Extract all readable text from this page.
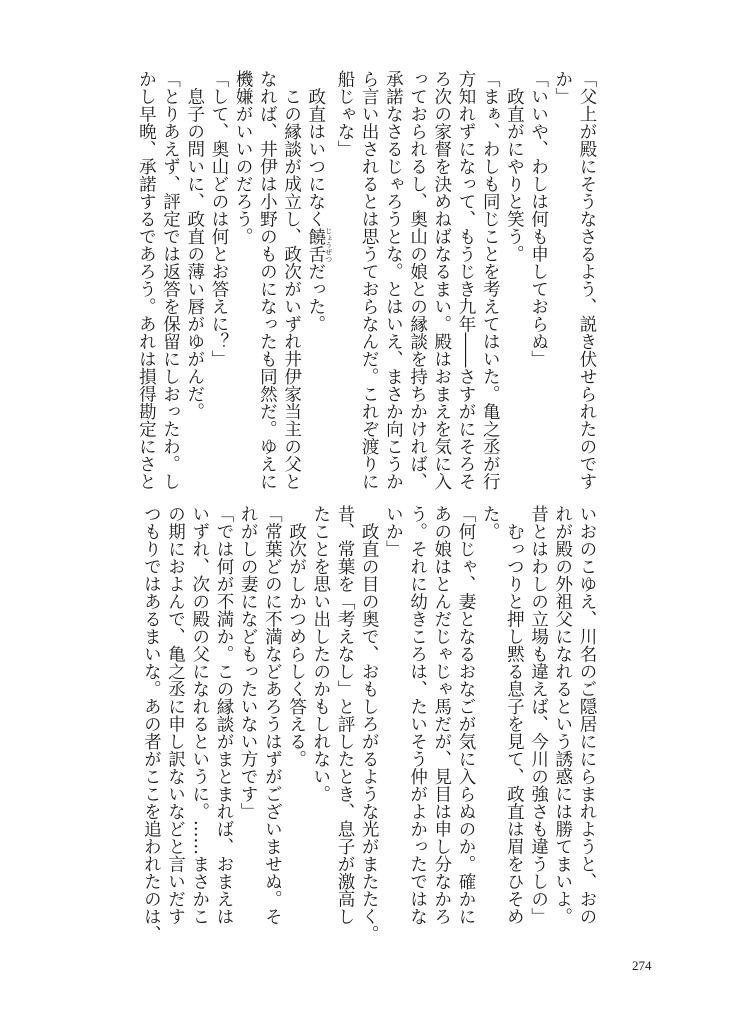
「父上が殿にそうなさるよう、説き伏せられたのです
か」
「いいや、わしは何も申しておらぬ」
　政直がにやりと笑う。
「まぁ、わしも同じことを考えてはいた。亀之丞が行
方知れずになって、もうじき九年――さすがにそろそ
ろ次の家督を決めねばなるまい。殿はおまえを気に入
っておられるし、奥山の娘との縁談を持ちかければ、
承諾なさるじゃろうとな。とはいえ、まさか向こうか
ら言い出されるとは思うておらなんだ。これぞ渡りに
船じゃな」
　政直はいつになく饒舌 じょうぜつだった。
　この縁談が成立し、政次がいずれ井伊家当主の父と
なれば、井伊は小野のものになったも同然だ。ゆえに
機嫌がいいのだろう。
「して、奥山どのは何とお答えに？」
　息子の問いに、政直の薄い唇がゆがんだ。
「とりあえず、評定では返答を保留にしおったわ。し
かし早晩、承諾するであろう。あれは損得勘定にさと
いおのこゆえ、川名のご隠居ににらまれようと、おの
れが殿の外祖父になれるという誘惑には勝てまいよ。
昔とはわしの立場も違えば、今川の強さも違うしの」
　むっつりと押し黙る息子を見て、政直は眉をひそめ
た。
「何じゃ、妻となるおなごが気に入らぬのか。確かに
あの娘はとんだじゃじゃ馬だが、見目は申し分なかろ
う。それに幼きころは、たいそう仲がよかったではな
いか」
　政直の目の奥で、おもしろがるような光がまたたく。
昔、常葉を「考えなし」と評したとき、息子が激高し
たことを思い出したのかもしれない。
　政次がしかつめらしく答える。
「常葉どのに不満などあろうはずがございませぬ。そ
れがしの妻になどもったいない方です」
「では何が不満か。この縁談がまとまれば、おまえは
いずれ、次の殿の父になれるというに。……まさかこ
の期におよんで、亀之丞に申し訳ないなどと言いだす
つもりではあるまいな。あの者がここを追われたのは、
274
